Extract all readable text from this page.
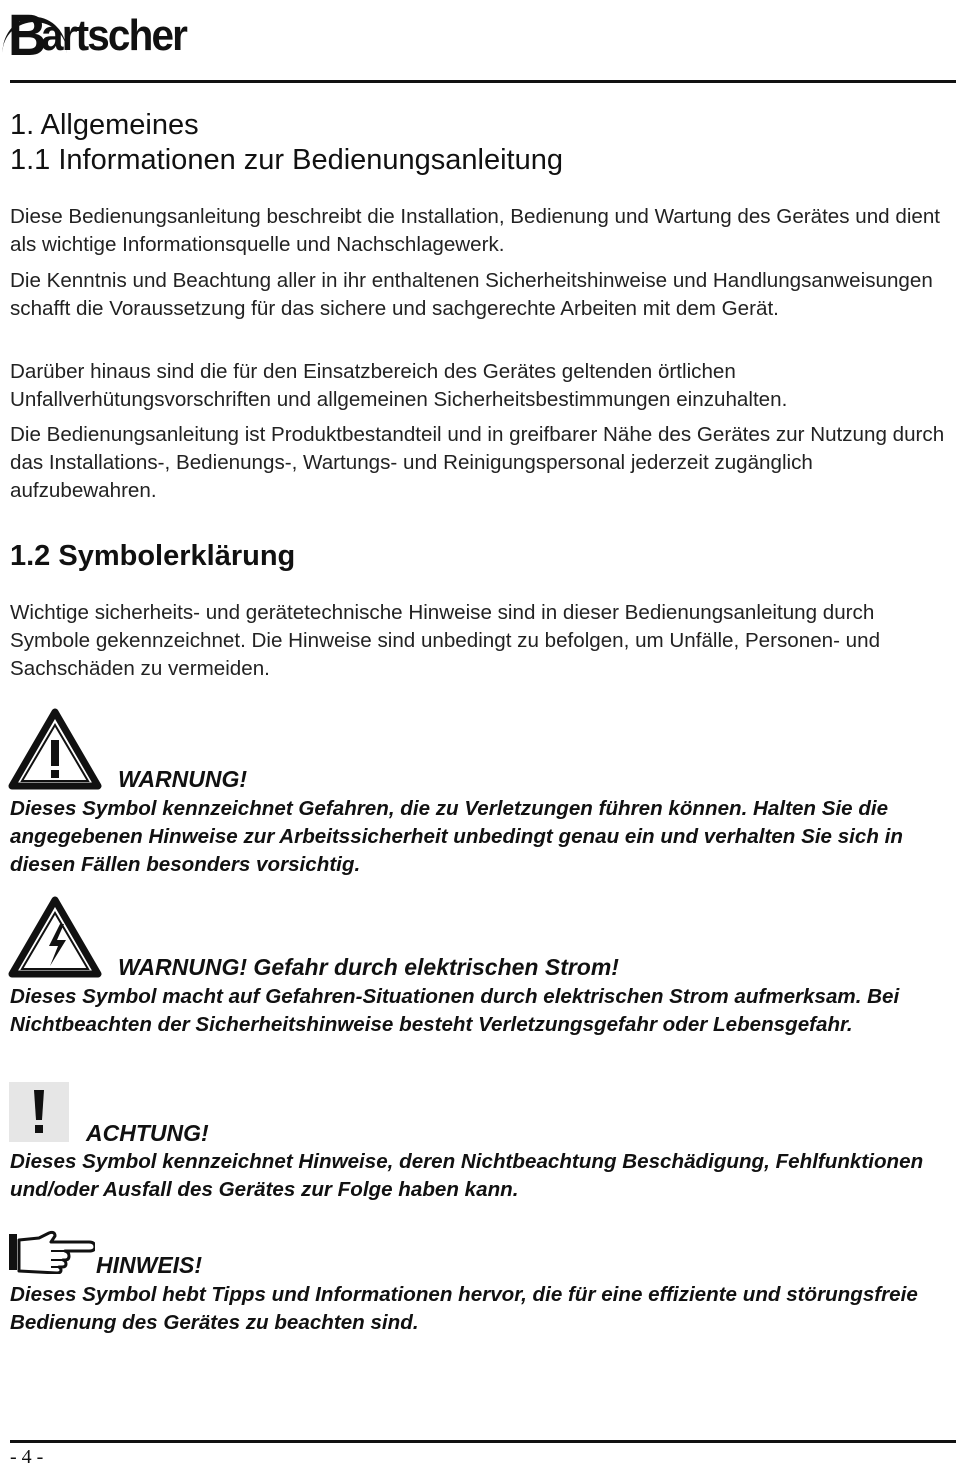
B
artscher
1. Allgemeines
1.1 Informationen zur Bedienungsanleitung

Diese Bedienungsanleitung beschreibt die Installation, Bedienung und Wartung des Gerätes und dient als wichtige Informationsquelle und Nachschlagewerk.

Die Kenntnis und Beachtung aller in ihr enthaltenen Sicherheitshinweise und Handlungsanweisungen schafft die Voraussetzung für das sichere und sachgerechte Arbeiten mit dem Gerät.

Darüber hinaus sind die für den Einsatzbereich des Gerätes geltenden örtlichen Unfallverhütungsvorschriften und allgemeinen Sicherheitsbestimmungen einzuhalten.

Die Bedienungsanleitung ist Produktbestandteil und in greifbarer Nähe des Gerätes zur Nutzung durch das Installations-, Bedienungs-, Wartungs- und Reinigungspersonal jederzeit zugänglich aufzubewahren.

1.2 Symbolerklärung

Wichtige sicherheits- und gerätetechnische Hinweise sind in dieser Bedienungsanleitung durch Symbole gekennzeichnet. Die Hinweise sind unbedingt zu befolgen, um Unfälle, Personen- und Sachschäden zu vermeiden.

WARNUNG!

Dieses Symbol kennzeichnet Gefahren, die zu Verletzungen führen können. Halten Sie die angegebenen Hinweise zur Arbeitssicherheit unbedingt genau ein und verhalten Sie sich in diesen Fällen besonders vorsichtig.

WARNUNG! Gefahr durch elektrischen Strom!

Dieses Symbol macht auf Gefahren-Situationen durch elektrischen Strom aufmerksam. Bei Nichtbeachten der Sicherheitshinweise besteht Verletzungsgefahr oder Lebensgefahr.

ACHTUNG!

Dieses Symbol kennzeichnet Hinweise, deren Nichtbeachtung Beschädigung, Fehlfunktionen und/oder Ausfall des Gerätes zur Folge haben kann.

HINWEIS!

Dieses Symbol hebt Tipps und Informationen hervor, die für eine effiziente und störungsfreie Bedienung des Gerätes zu beachten sind.

- 4 -
